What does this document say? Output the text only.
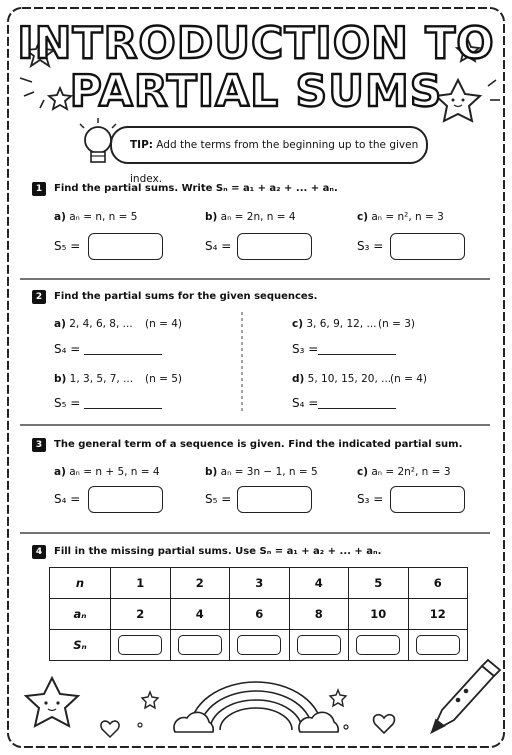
INTRODUCTION TO
PARTIAL SUMS
TIP: Add the terms from the beginning up to the given index.
1	Find the partial sums. Write Sₙ = a₁ + a₂ + ... + aₙ.
a) aₙ = n, n = 5	b) aₙ = 2n, n = 4	c) aₙ = n², n = 3
S₅ =	S₄ =	S₃ =
2	Find the partial sums for the given sequences.
a) 2, 4, 6, 8, ... (n = 4)	c) 3, 6, 9, 12, ... (n = 3)
S₄ =	S₃ =
b) 1, 3, 5, 7, ... (n = 5)	d) 5, 10, 15, 20, ...
(n = 4)
S₅ =	S₄ =
3	The general term of a sequence is given. Find the indicated partial sum.
a) aₙ = n + 5, n = 4	b) aₙ = 3n − 1, n = 5	c) aₙ = 2n², n = 3
S₄ =	S₅ =	S₃ =
4	Fill in the missing partial sums. Use Sₙ = a₁ + a₂ + ... + aₙ.
n	1	2	3	4	5	6
aₙ	2	4	6	8	10	12
Sₙ						
